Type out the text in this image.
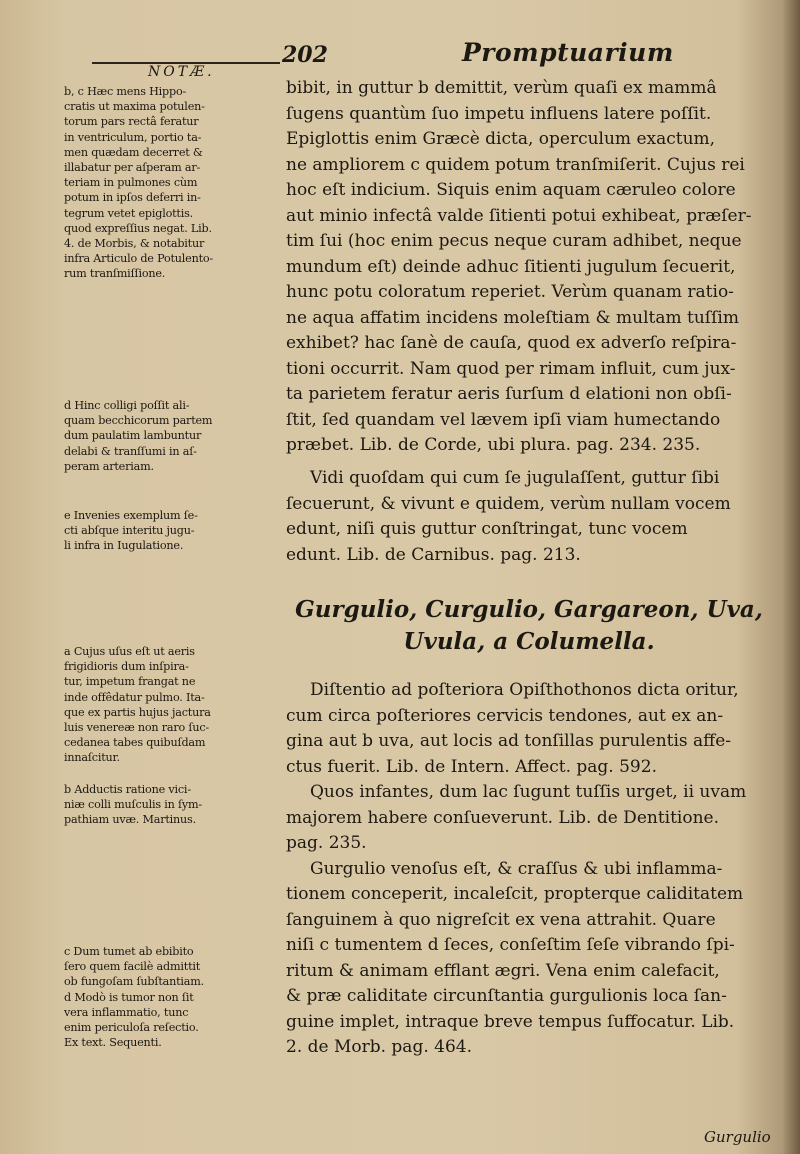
202	Promptuarium
NOTÆ.
b, c Hæc mens Hippo-
cratis ut maxima potulen-
torum pars rectâ feratur
in ventriculum, portio ta-
men quædam decerret &
illabatur per aſperam ar-
teriam in pulmones cùm
potum in ipſos deferri in-
tegrum vetet epiglottis.
quod expreſſius negat. Lib.
4. de Morbis, & notabitur
infra Articulo de Potulento-
rum tranſmiſſione.
d Hinc colligi poſſit ali-
quam becchicorum partem
dum paulatim lambuntur
delabi & tranſſumi in aſ-
peram arteriam.
e Invenies exemplum ſe-
cti abſque interitu jugu-
li infra in Iugulatione.
a Cujus uſus eſt ut aeris
frigidioris dum inſpira-
tur, impetum frangat ne
inde offêdatur pulmo. Ita-
que ex partis hujus jactura
luis venereæ non raro ſuc-
cedanea tabes quibuſdam
innaſcitur.
b Adductis ratione vici-
niæ colli muſculis in ſym-
pathiam uvæ. Martinus.
c Dum tumet ab ebibito
ſero quem facilè admittit
ob fungoſam ſubſtantiam.
d Modò is tumor non ſit
vera inflammatio, tunc
enim periculoſa reſectio.
Ex text. Sequenti.
bibit, in guttur b demittit, verùm quaſi ex mammâ
ſugens quantùm ſuo impetu influens latere poſſit.
Epiglottis enim Græcè dicta, operculum exactum,
ne ampliorem c quidem potum tranſmiſerit. Cujus rei
hoc eſt indicium. Siquis enim aquam cæruleo colore
aut minio infectâ valde ſitienti potui exhibeat, præſer-
tim ſui (hoc enim pecus neque curam adhibet, neque
mundum eſt) deinde adhuc ſitienti jugulum ſecuerit,
hunc potu coloratum reperiet. Verùm quanam ratio-
ne aqua affatim incidens moleſtiam & multam tuſſim
exhibet? hac ſanè de cauſa, quod ex adverſo reſpira-
tioni occurrit. Nam quod per rimam influit, cum jux-
ta parietem feratur aeris ſurſum d elationi non obſi-
ſtit, ſed quandam vel lævem ipſi viam humectando
præbet. Lib. de Corde, ubi plura. pag. 234. 235.
Vidi quoſdam qui cum ſe jugulaſſent, guttur ſibi
ſecuerunt, & vivunt e quidem, verùm nullam vocem
edunt, niſi quis guttur conſtringat, tunc vocem
edunt. Lib. de Carnibus. pag. 213.
Gurgulio, Curgulio, Gargareon, Uva,
Uvula, a Columella.
Diſtentio ad poſteriora Opiſthothonos dicta oritur,
cum circa poſteriores cervicis tendones, aut ex an-
gina aut b uva, aut locis ad tonſillas purulentis affe-
ctus fuerit. Lib. de Intern. Affect. pag. 592.
Quos infantes, dum lac ſugunt tuſſis urget, ii uvam
majorem habere conſueverunt. Lib. de Dentitione.
pag. 235.
Gurgulio venoſus eſt, & craſſus & ubi inflamma-
tionem conceperit, incaleſcit, propterque caliditatem
ſanguinem à quo nigreſcit ex vena attrahit. Quare
niſi c tumentem d ſeces, conſeſtim ſeſe vibrando ſpi-
ritum & animam efflant ægri. Vena enim calefacit,
& præ caliditate circunſtantia gurgulionis loca ſan-
guine implet, intraque breve tempus ſuffocatur. Lib.
2. de Morb. pag. 464.
Gurgulio
